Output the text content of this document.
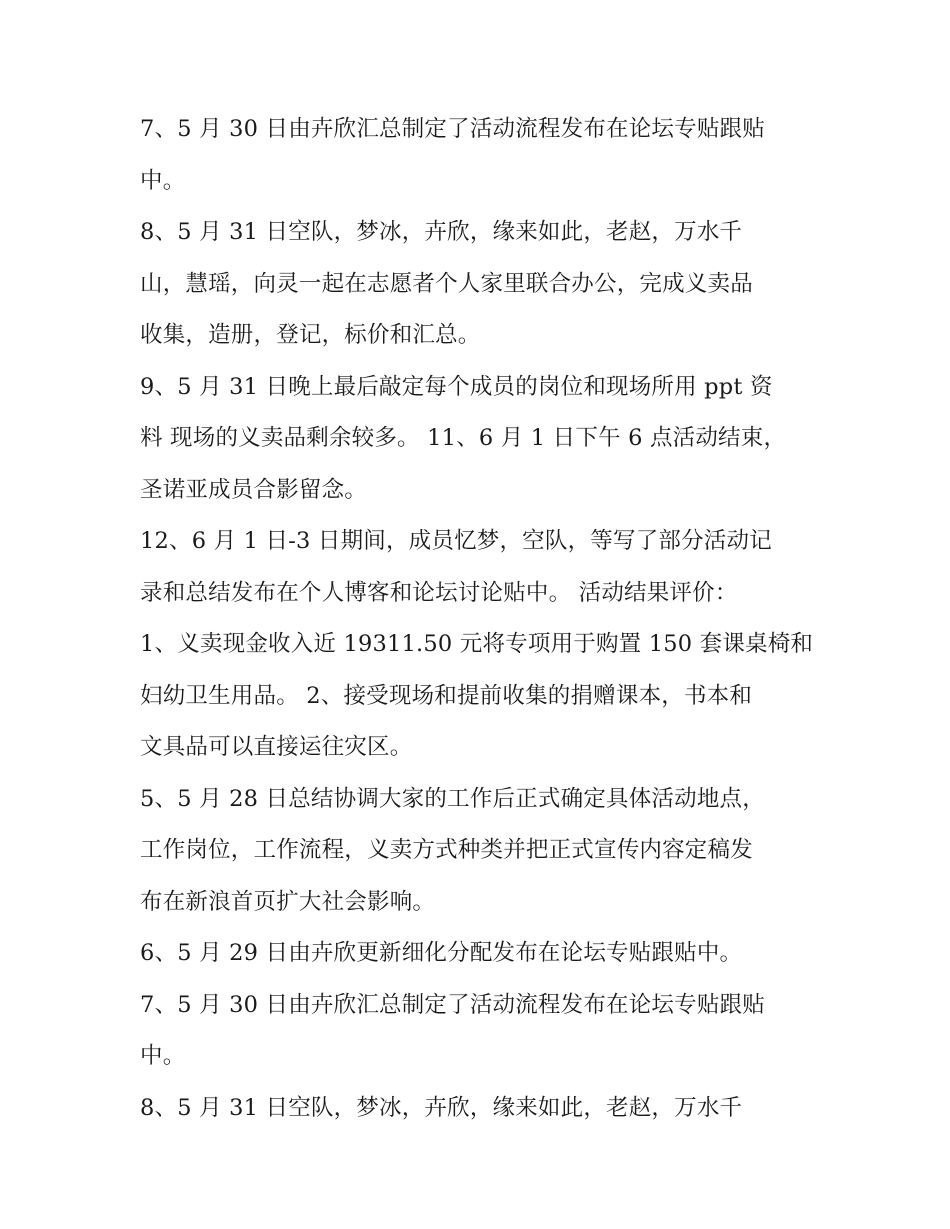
7、5 月 30 日由卉欣汇总制定了活动流程发布在论坛专贴跟贴
中。
8、5 月 31 日空队，梦冰，卉欣，缘来如此，老赵，万水千
山，慧瑶，向灵一起在志愿者个人家里联合办公，完成义卖品
收集，造册，登记，标价和汇总。
9、5 月 31 日晚上最后敲定每个成员的岗位和现场所用 ppt 资
料 现场的义卖品剩余较多。 11、6 月 1 日下午 6 点活动结束，
圣诺亚成员合影留念。
12、6 月 1 日-3 日期间，成员忆梦，空队，等写了部分活动记
录和总结发布在个人博客和论坛讨论贴中。 活动结果评价：
1、义卖现金收入近 19311.50 元将专项用于购置 150 套课桌椅和
妇幼卫生用品。 2、接受现场和提前收集的捐赠课本，书本和
文具品可以直接运往灾区。
5、5 月 28 日总结协调大家的工作后正式确定具体活动地点，
工作岗位，工作流程，义卖方式种类并把正式宣传内容定稿发
布在新浪首页扩大社会影响。
6、5 月 29 日由卉欣更新细化分配发布在论坛专贴跟贴中。
7、5 月 30 日由卉欣汇总制定了活动流程发布在论坛专贴跟贴
中。
8、5 月 31 日空队，梦冰，卉欣，缘来如此，老赵，万水千
